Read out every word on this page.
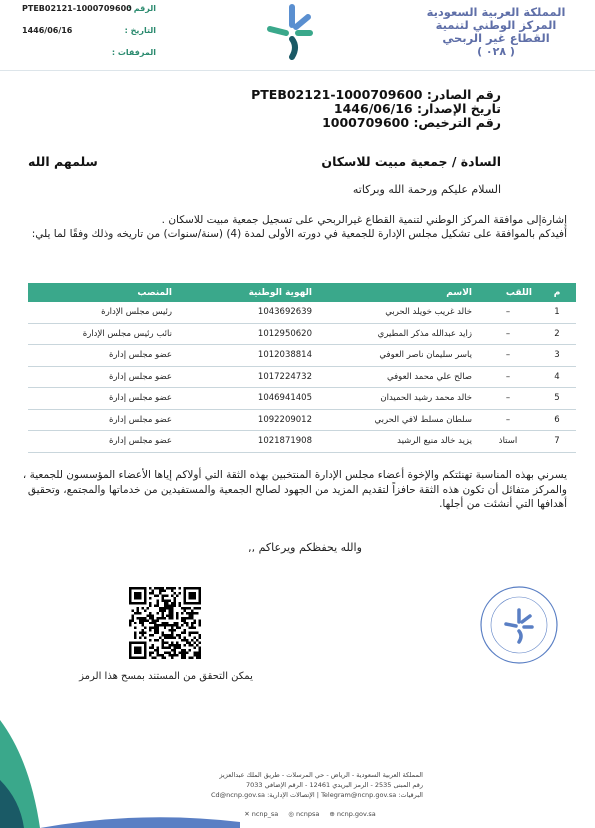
المملكة العربية السعودية
المركز الوطني لتنمية
القطاع غير الربحي
( ٠٢٨ )
الرقم :
PTEB02121-1000709600
التاريخ :
1446/06/16
المرفقات :
رقم الصادر: PTEB02121-1000709600
تاريخ الإصدار: 1446/06/16
رقم الترخيص: 1000709600
السادة / جمعية مبيت للاسكان
سلمهم الله
السلام عليكم ورحمة الله وبركاته
إشارةإلى موافقة المركز الوطني لتنمية القطاع غيرالربحي على تسجيل جمعية مبيت للاسكان .
أفيدكم بالموافقة على تشكيل مجلس الإدارة للجمعية في دورته الأولى لمدة (4) (سنة/سنوات) من تاريخه وذلك وفقًا لما يلي:
م	اللقب	الاسم	الهوية الوطنية	المنصب
1	–	خالد غريب خويلد الحربي	1043692639	رئيس مجلس الإدارة
2	–	زايد عبدالله مذكر المطيري	1012950620	نائب رئيس مجلس الإدارة
3	–	ياسر سليمان ناصر العوفي	1012038814	عضو مجلس إدارة
4	–	صالح علي محمد العوفي	1017224732	عضو مجلس إدارة
5	–	خالد محمد رشيد الحميدان	1046941405	عضو مجلس إدارة
6	–	سلطان مسلط لافي الحربي	1092209012	عضو مجلس إدارة
7	استاذ	يزيد خالد منيع الرشيد	1021871908	عضو مجلس إدارة
يسرني بهذه المناسبة تهنئتكم والإخوة أعضاء مجلس الإدارة المنتخبين بهذه الثقة التي أولاكم إياها الأعضاء المؤسسون للجمعية ، والمركز متفائل أن تكون هذه الثقة حافزاً لتقديم المزيد من الجهود لصالح الجمعية والمستفيدين من خدماتها والمجتمع، وتحقيق أهدافها التي أنشئت من أجلها.
والله يحفظكم ويرعاكم ,,
يمكن التحقق من المستند بمسح هذا الرمز
المملكة العربية السعودية - الرياض - حي المرسلات - طريق الملك عبدالعزيز
رقم المبنى 2535 - الرمز البريدي 12461 - الرقم الإضافي 7033
البرقيات: Telegram@ncnp.gov.sa | الإتصالات الإدارية: Cd@ncnp.gov.sa
✕ ncnp_sa ◎ ncnpsa ⊕ ncnp.gov.sa
